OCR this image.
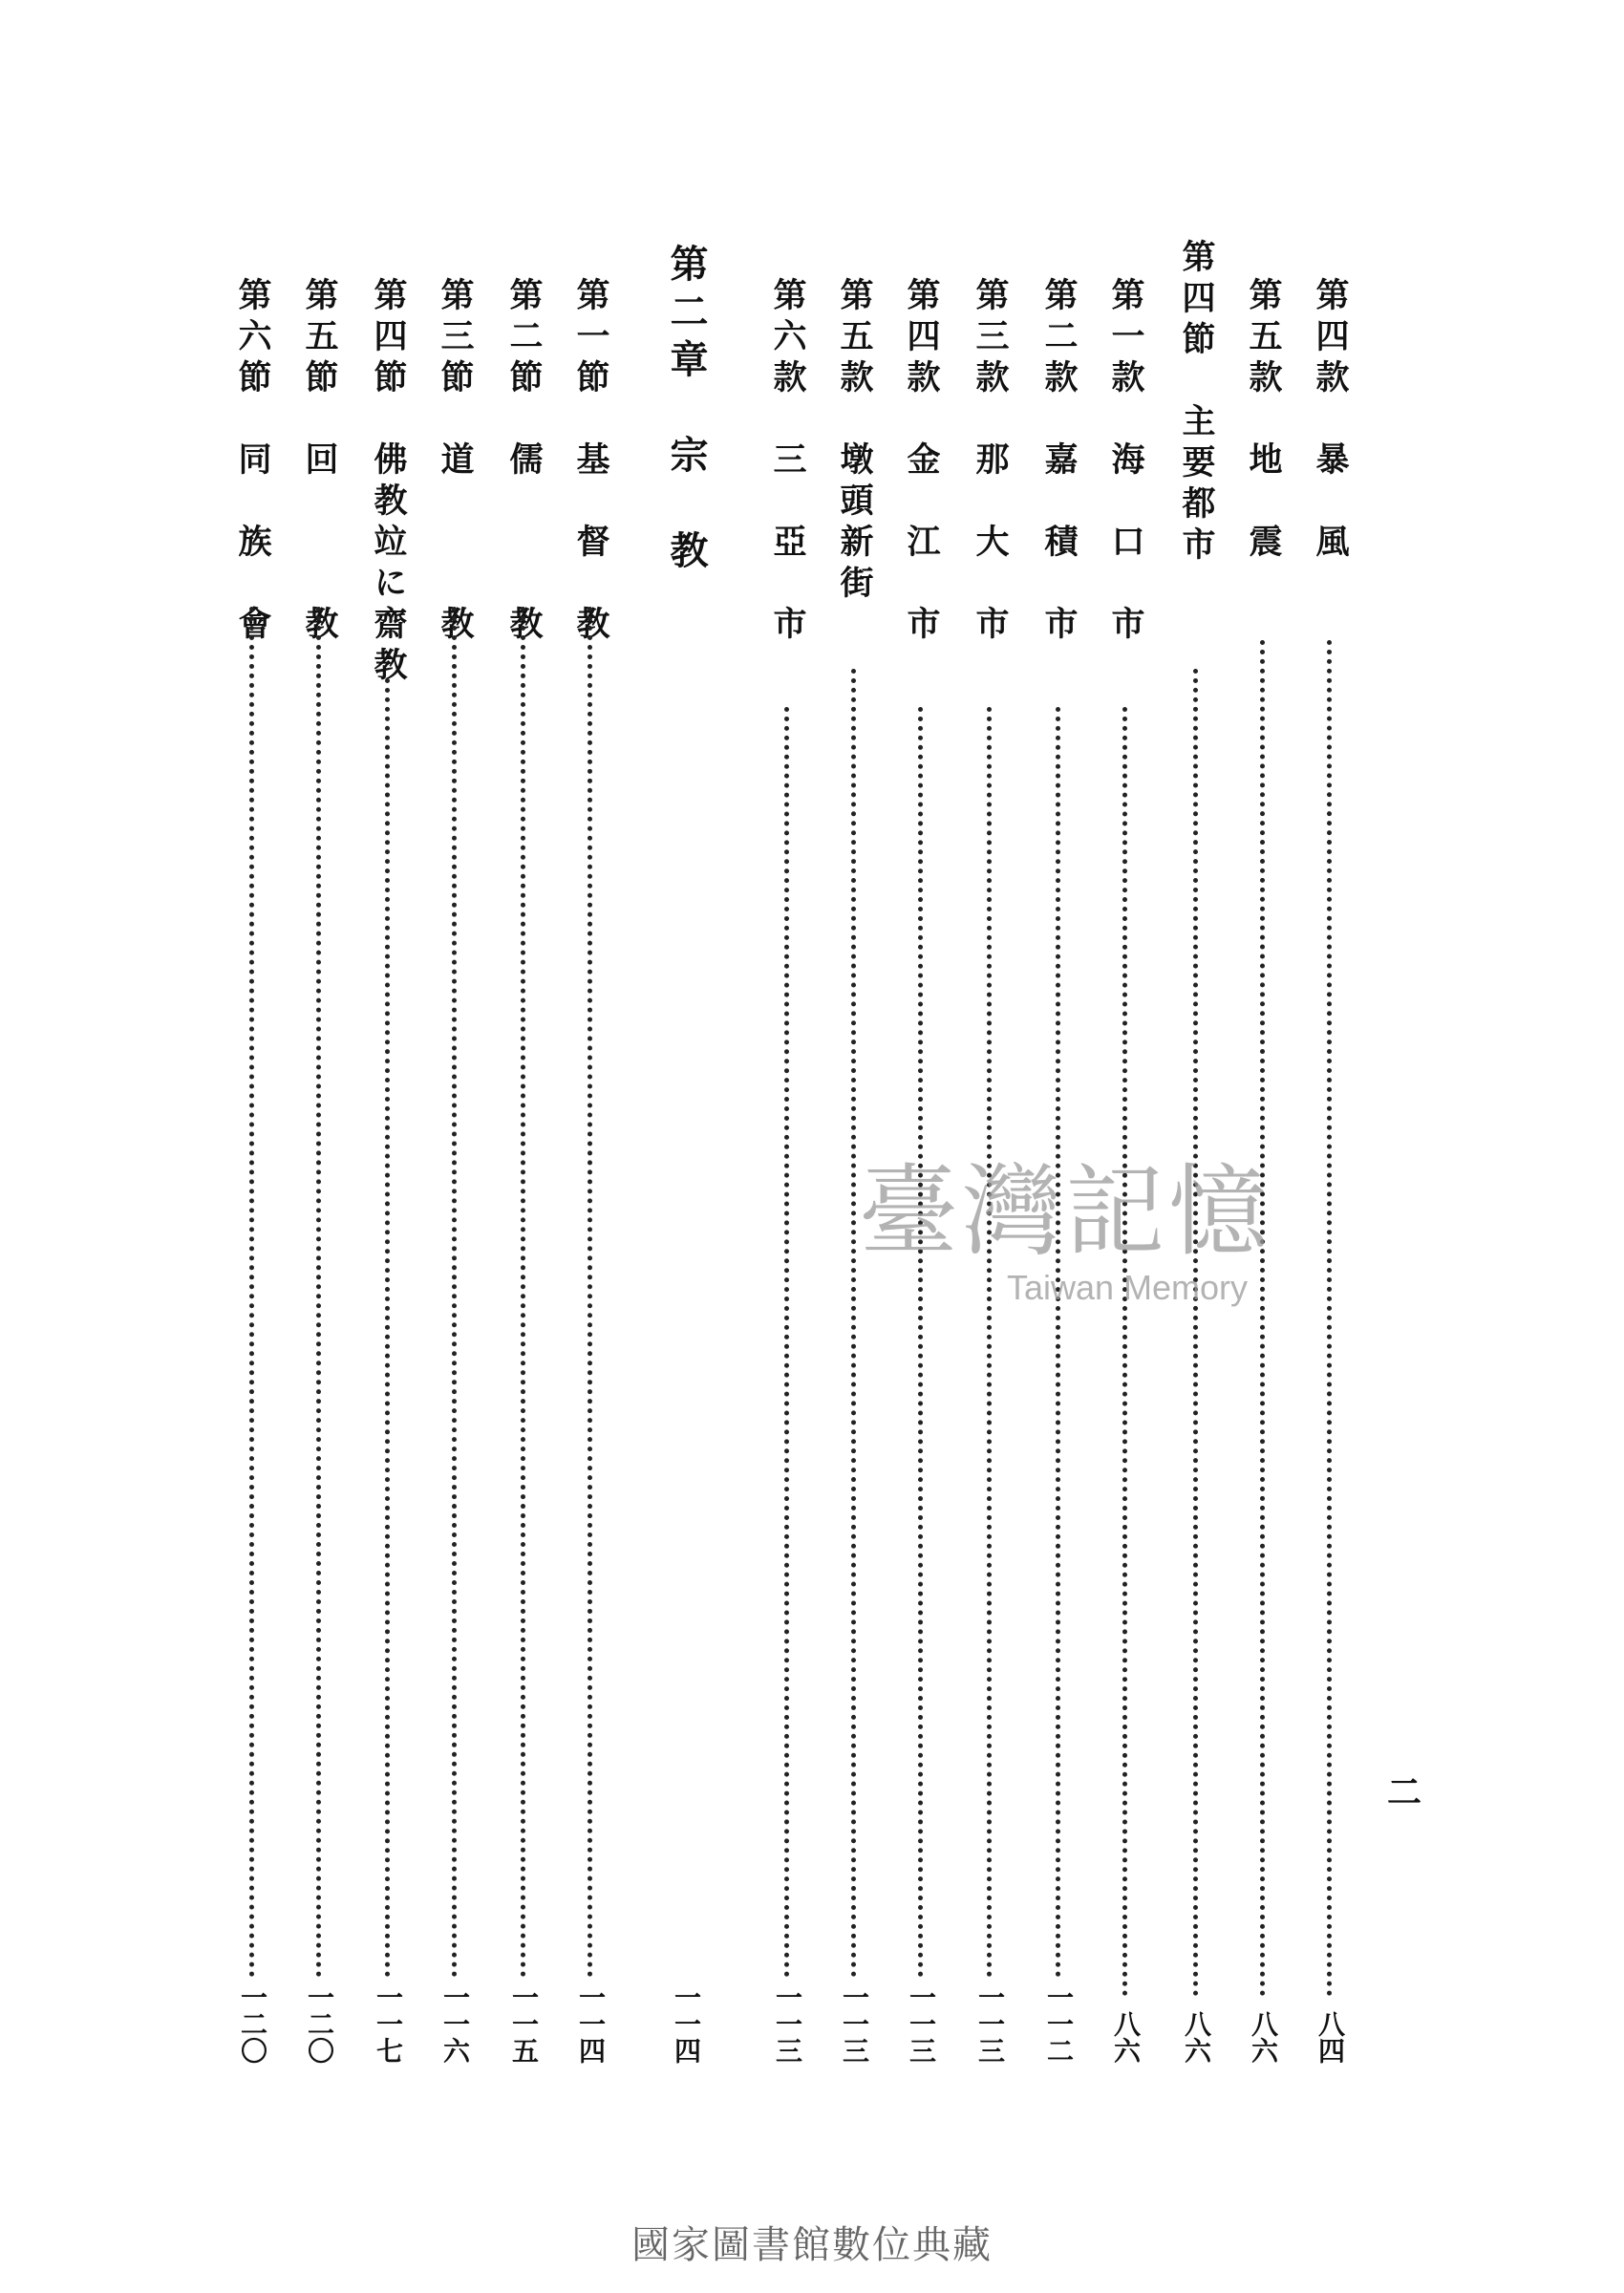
二
第四款　暴　風
八四
第五款　地　震
八六
第四節　主要都市
八六
第一款　海　口　市
八六
第二款　嘉　積　市
一一二
第三款　那　大　市
一一三
第四款　金　江　市
一一三
第五款　墩頭新街
一一三
第六款　三　亞　市
一一三
第二章　宗　教
一一四
第一節　基　督　教
一一四
第二節　儒　　　教
一一五
第三節　道　　　教
一一六
第四節　佛教竝に齋教
一一七
第五節　回　　　教
一二〇
第六節　同　族　會
一二〇
臺灣記憶
Taiwan Memory
國家圖書館數位典藏
